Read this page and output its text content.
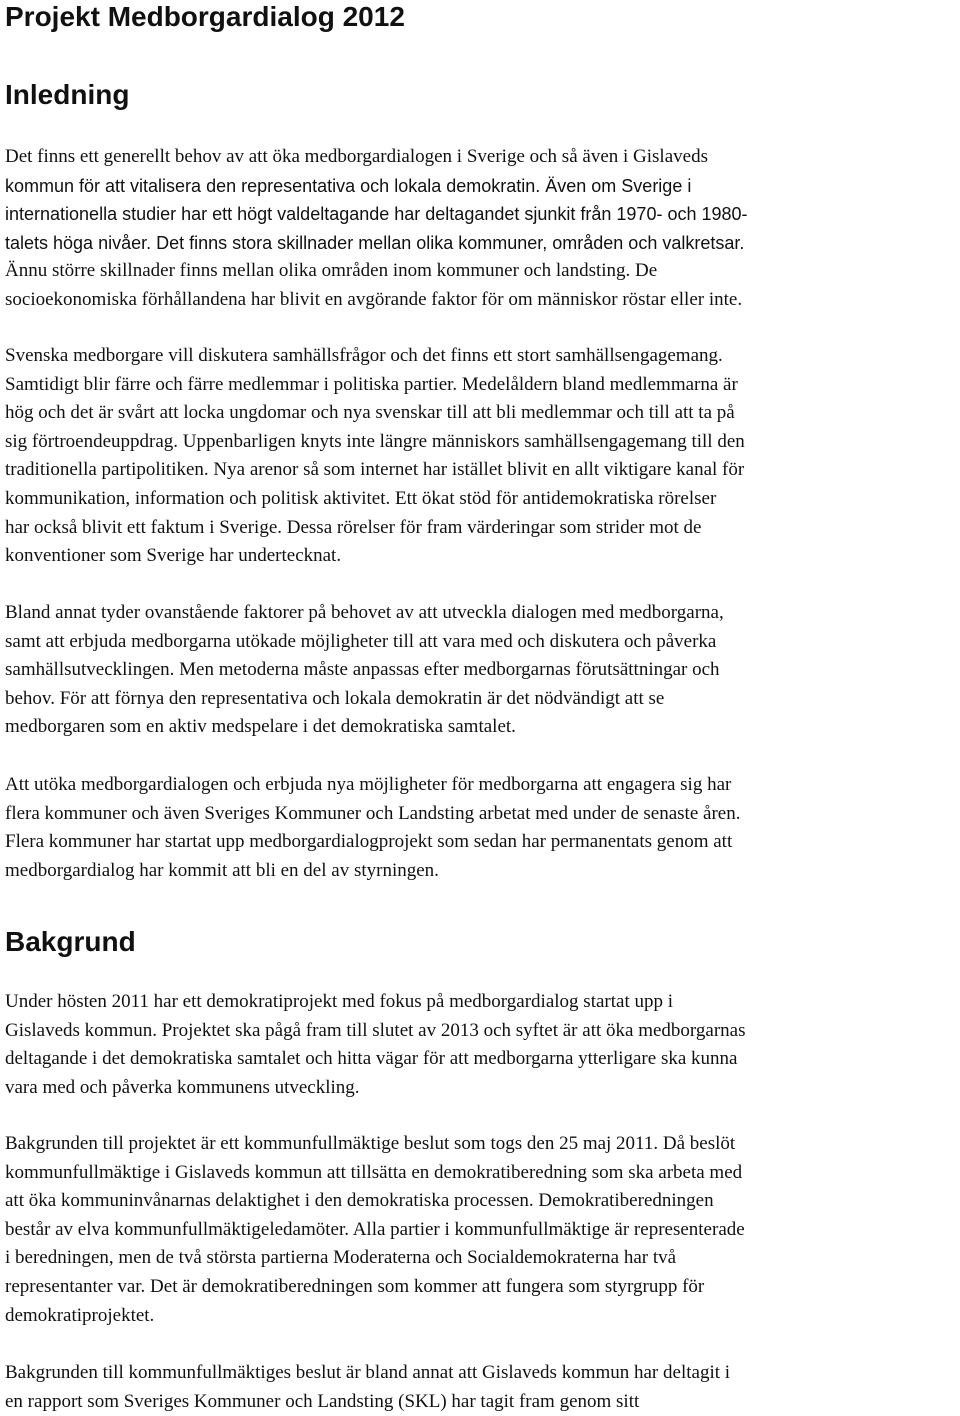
Projekt Medborgardialog 2012
Inledning
Det finns ett generellt behov av att öka medborgardialogen i Sverige och så även i Gislaveds
kommun för att vitalisera den representativa och lokala demokratin. Även om Sverige i
internationella studier har ett högt valdeltagande har deltagandet sjunkit från 1970- och 1980-
talets höga nivåer. Det finns stora skillnader mellan olika kommuner, områden och valkretsar.
Ännu större skillnader finns mellan olika områden inom kommuner och landsting. De
socioekonomiska förhållandena har blivit en avgörande faktor för om människor röstar eller inte.
Svenska medborgare vill diskutera samhällsfrågor och det finns ett stort samhällsengagemang.
Samtidigt blir färre och färre medlemmar i politiska partier. Medelåldern bland medlemmarna är
hög och det är svårt att locka ungdomar och nya svenskar till att bli medlemmar och till att ta på
sig förtroendeuppdrag. Uppenbarligen knyts inte längre människors samhällsengagemang till den
traditionella partipolitiken. Nya arenor så som internet har istället blivit en allt viktigare kanal för
kommunikation, information och politisk aktivitet. Ett ökat stöd för antidemokratiska rörelser
har också blivit ett faktum i Sverige. Dessa rörelser för fram värderingar som strider mot de
konventioner som Sverige har undertecknat.
Bland annat tyder ovanstående faktorer på behovet av att utveckla dialogen med medborgarna,
samt att erbjuda medborgarna utökade möjligheter till att vara med och diskutera och påverka
samhällsutvecklingen. Men metoderna måste anpassas efter medborgarnas förutsättningar och
behov. För att förnya den representativa och lokala demokratin är det nödvändigt att se
medborgaren som en aktiv medspelare i det demokratiska samtalet.
Att utöka medborgardialogen och erbjuda nya möjligheter för medborgarna att engagera sig har
flera kommuner och även Sveriges Kommuner och Landsting arbetat med under de senaste åren.
Flera kommuner har startat upp medborgardialogprojekt som sedan har permanentats genom att
medborgardialog har kommit att bli en del av styrningen.
Bakgrund
Under hösten 2011 har ett demokratiprojekt med fokus på medborgardialog startat upp i
Gislaveds kommun. Projektet ska pågå fram till slutet av 2013 och syftet är att öka medborgarnas
deltagande i det demokratiska samtalet och hitta vägar för att medborgarna ytterligare ska kunna
vara med och påverka kommunens utveckling.
Bakgrunden till projektet är ett kommunfullmäktige beslut som togs den 25 maj 2011. Då beslöt
kommunfullmäktige i Gislaveds kommun att tillsätta en demokratiberedning som ska arbeta med
att öka kommuninvånarnas delaktighet i den demokratiska processen. Demokratiberedningen
består av elva kommunfullmäktigeledamöter. Alla partier i kommunfullmäktige är representerade
i beredningen, men de två största partierna Moderaterna och Socialdemokraterna har två
representanter var. Det är demokratiberedningen som kommer att fungera som styrgrupp för
demokratiprojektet.
Bakgrunden till kommunfullmäktiges beslut är bland annat att Gislaveds kommun har deltagit i
en rapport som Sveriges Kommuner och Landsting (SKL) har tagit fram genom sitt
